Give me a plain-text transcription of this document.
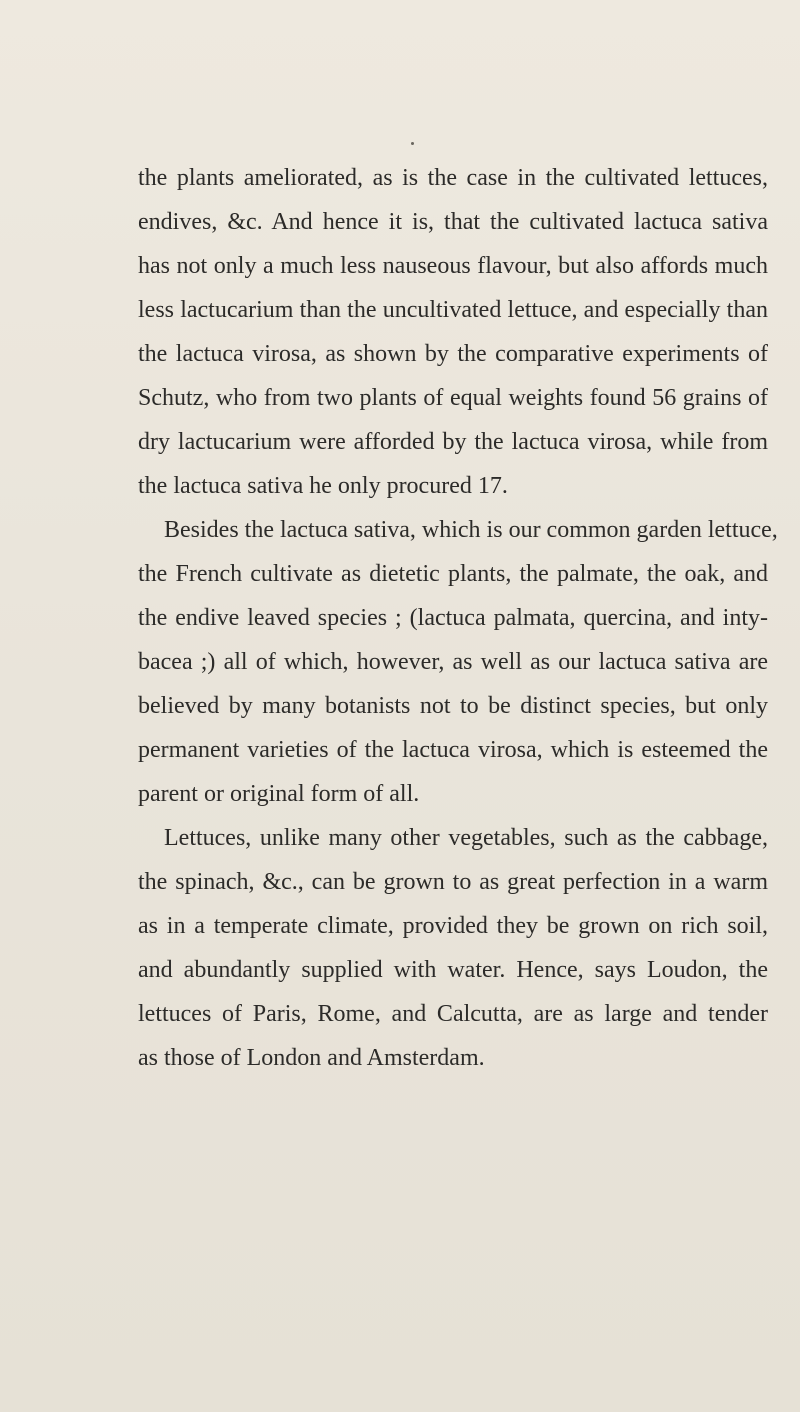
the plants ameliorated, as is the case in the cultivated lettuces,
endives, &c. And hence it is, that the cultivated lactuca sativa
has not only a much less nauseous flavour, but also affords much
less lactucarium than the uncultivated lettuce, and especially than
the lactuca virosa, as shown by the comparative experiments of
Schutz, who from two plants of equal weights found 56 grains of
dry lactucarium were afforded by the lactuca virosa, while from
the lactuca sativa he only procured 17.
Besides the lactuca sativa, which is our common garden lettuce,
the French cultivate as dietetic plants, the palmate, the oak, and
the endive leaved species ; (lactuca palmata, quercina, and inty-
bacea ;) all of which, however, as well as our lactuca sativa are
believed by many botanists not to be distinct species, but only
permanent varieties of the lactuca virosa, which is esteemed the
parent or original form of all.
Lettuces, unlike many other vegetables, such as the cabbage,
the spinach, &c., can be grown to as great perfection in a warm
as in a temperate climate, provided they be grown on rich soil,
and abundantly supplied with water. Hence, says Loudon, the
lettuces of Paris, Rome, and Calcutta, are as large and tender
as those of London and Amsterdam.
